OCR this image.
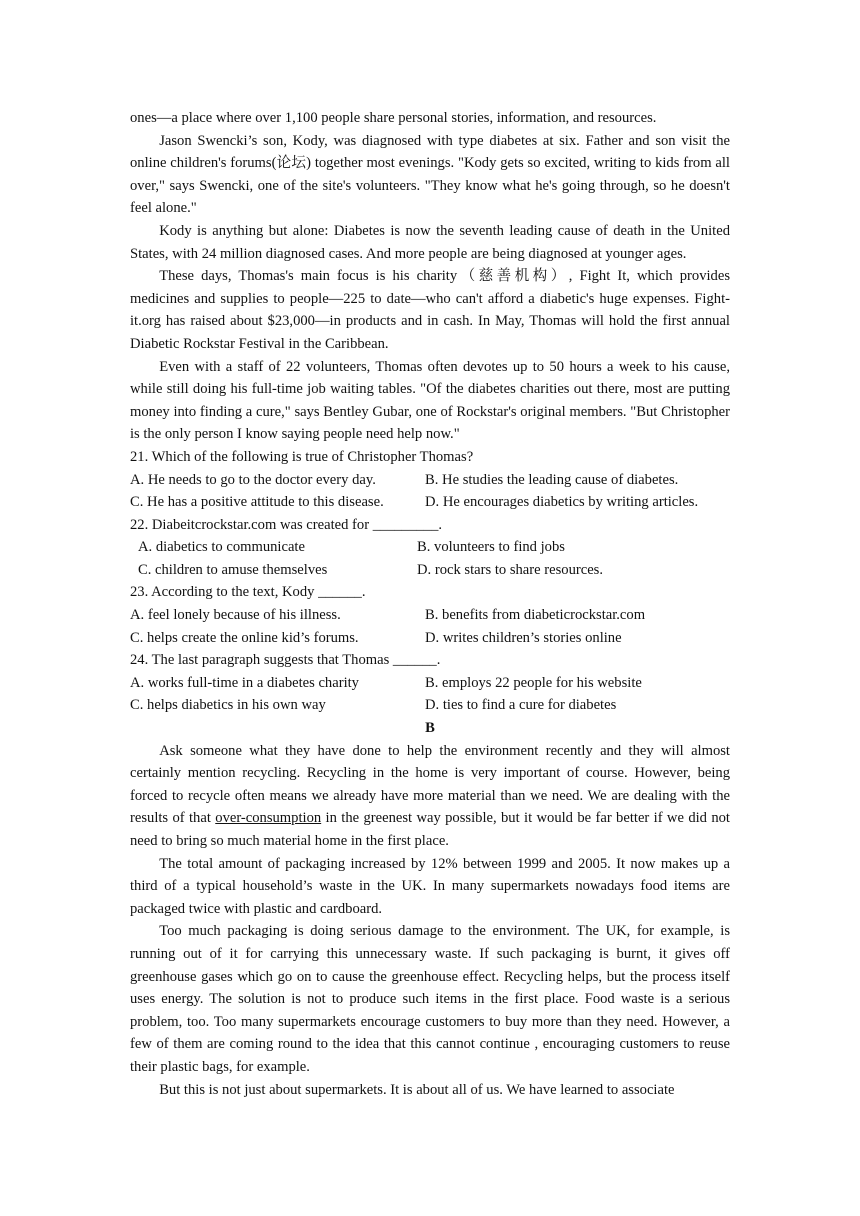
ones—a place where over 1,100 people share personal stories, information, and resources.

Jason Swencki’s son, Kody, was diagnosed with type diabetes at six. Father and son visit the online children's forums(论坛) together most evenings. "Kody gets so excited, writing to kids from all over," says Swencki, one of the site's volunteers. "They know what he's going through, so he doesn't feel alone."

Kody is anything but alone: Diabetes is now the seventh leading cause of death in the United States, with 24 million diagnosed cases. And more people are being diagnosed at younger ages.

These days, Thomas's main focus is his charity（慈善机构）, Fight It, which provides medicines and supplies to people—225 to date—who can't afford a diabetic's huge expenses. Fight-it.org has raised about $23,000—in products and in cash. In May, Thomas will hold the first annual Diabetic Rockstar Festival in the Caribbean.

Even with a staff of 22 volunteers, Thomas often devotes up to 50 hours a week to his cause, while still doing his full-time job waiting tables. "Of the diabetes charities out there, most are putting money into finding a cure," says Bentley Gubar, one of Rockstar's original members. "But Christopher is the only person I know saying people need help now."

21. Which of the following is true of Christopher Thomas?
A. He needs to go to the doctor every day.	B. He studies the leading cause of diabetes.
C. He has a positive attitude to this disease.	D. He encourages diabetics by writing articles.
22. Diabeitcrockstar.com was created for _________.
A. diabetics to communicate	B. volunteers to find jobs
C. children to amuse themselves	D. rock stars to share resources.
23. According to the text, Kody ______.
A. feel lonely because of his illness.	B. benefits from diabeticrockstar.com
C. helps create the online kid’s forums.	D. writes children’s stories online
24. The last paragraph suggests that Thomas ______.
A. works full-time in a diabetes charity	B. employs 22 people for his website
C. helps diabetics in his own way	D. ties to find a cure for diabetes
B

Ask someone what they have done to help the environment recently and they will almost certainly mention recycling. Recycling in the home is very important of course. However, being forced to recycle often means we already have more material than we need. We are dealing with the results of that over-consumption in the greenest way possible, but it would be far better if we did not need to bring so much material home in the first place.

The total amount of packaging increased by 12% between 1999 and 2005. It now makes up a third of a typical household’s waste in the UK. In many supermarkets nowadays food items are packaged twice with plastic and cardboard.

Too much packaging is doing serious damage to the environment. The UK, for example, is running out of it for carrying this unnecessary waste. If such packaging is burnt, it gives off greenhouse gases which go on to cause the greenhouse effect. Recycling helps, but the process itself uses energy. The solution is not to produce such items in the first place. Food waste is a serious problem, too. Too many supermarkets encourage customers to buy more than they need. However, a few of them are coming round to the idea that this cannot continue , encouraging customers to reuse their plastic bags, for example.

But this is not just about supermarkets. It is about all of us. We have learned to associate
